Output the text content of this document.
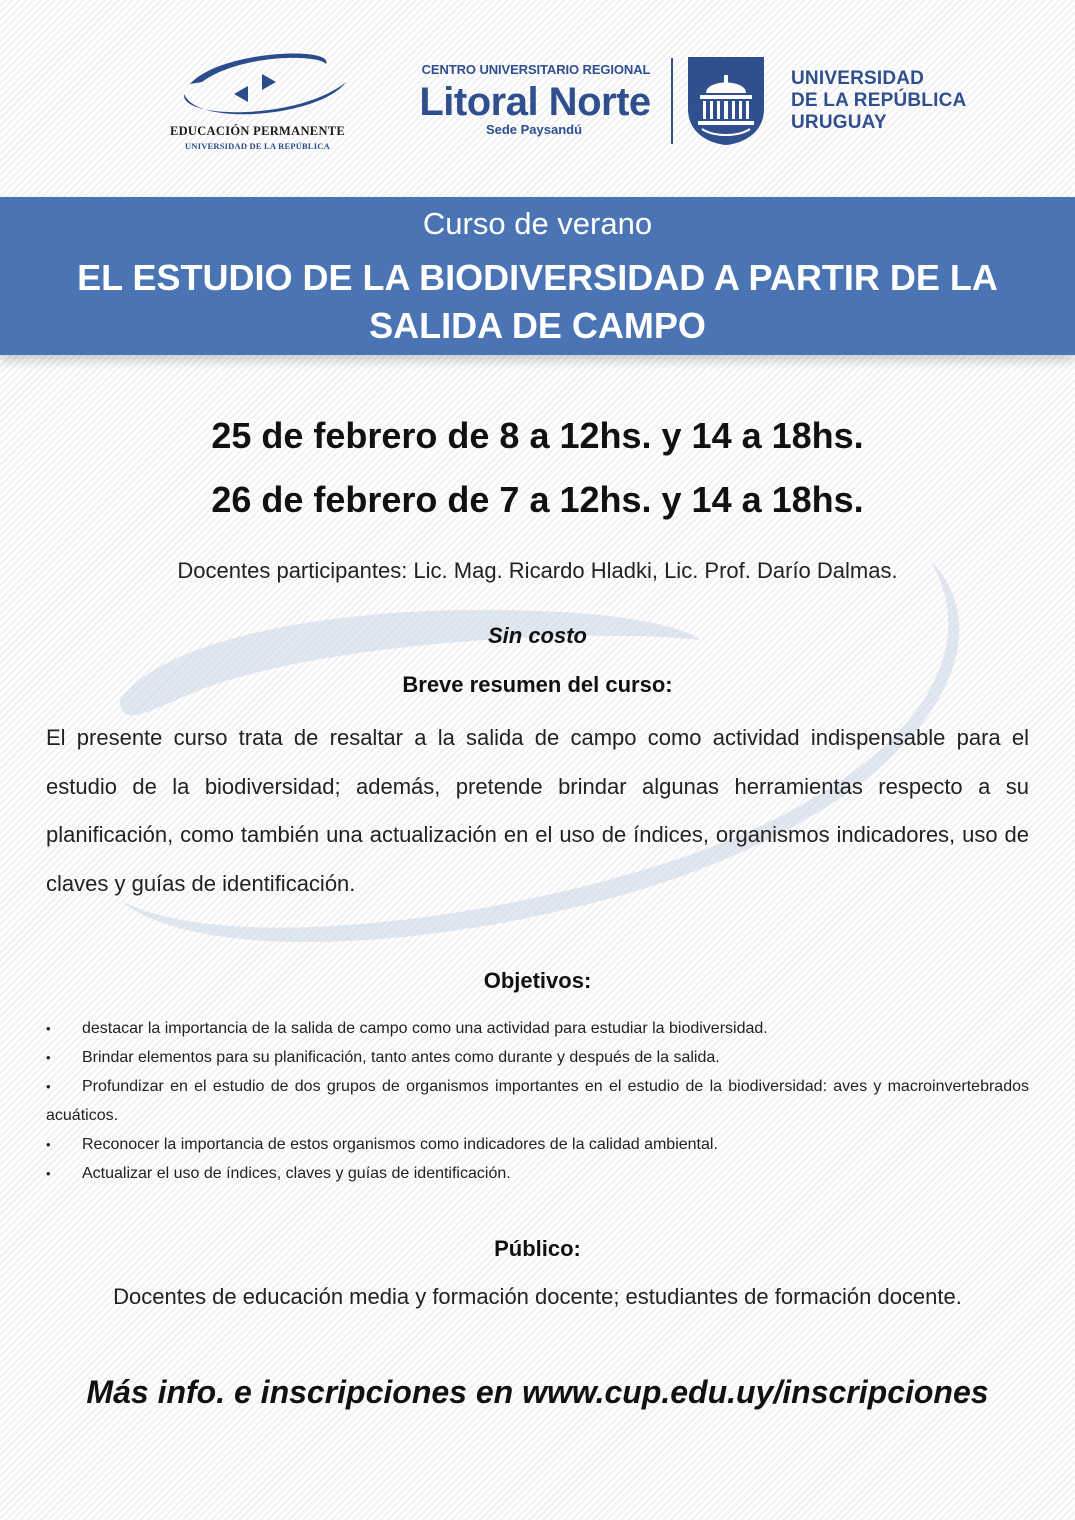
EDUCACIÓN PERMANENTE
UNIVERSIDAD DE LA REPÚBLICA
CENTRO UNIVERSITARIO REGIONAL
Litoral Norte
Sede Paysandú
UNIVERSIDAD
DE LA REPÚBLICA
URUGUAY
Curso de verano
EL ESTUDIO DE LA BIODIVERSIDAD A PARTIR DE LA SALIDA DE CAMPO
25 de febrero de 8 a 12hs. y 14 a 18hs.
26 de febrero de 7 a 12hs. y 14 a 18hs.
Docentes participantes: Lic. Mag. Ricardo Hladki, Lic. Prof. Darío Dalmas.
Sin costo
Breve resumen del curso:

El presente curso trata de resaltar a la salida de campo como actividad indispensable para el estudio de la biodiversidad; además, pretende brindar algunas herramientas respecto a su planificación, como también una actualización en el uso de índices, organismos indicadores, uso de claves y guías de identificación.

Objetivos:
• destacar la importancia de la salida de campo como una actividad para estudiar la biodiversidad.
• Brindar elementos para su planificación, tanto antes como durante y después de la salida.
• Profundizar en el estudio de dos grupos de organismos importantes en el estudio de la biodiversidad: aves y macroinvertebrados acuáticos.
• Reconocer la importancia de estos organismos como indicadores de la calidad ambiental.
• Actualizar el uso de índices, claves y guías de identificación.
Público:
Docentes de educación media y formación docente; estudiantes de formación docente.
Más info. e inscripciones en www.cup.edu.uy/inscripciones
